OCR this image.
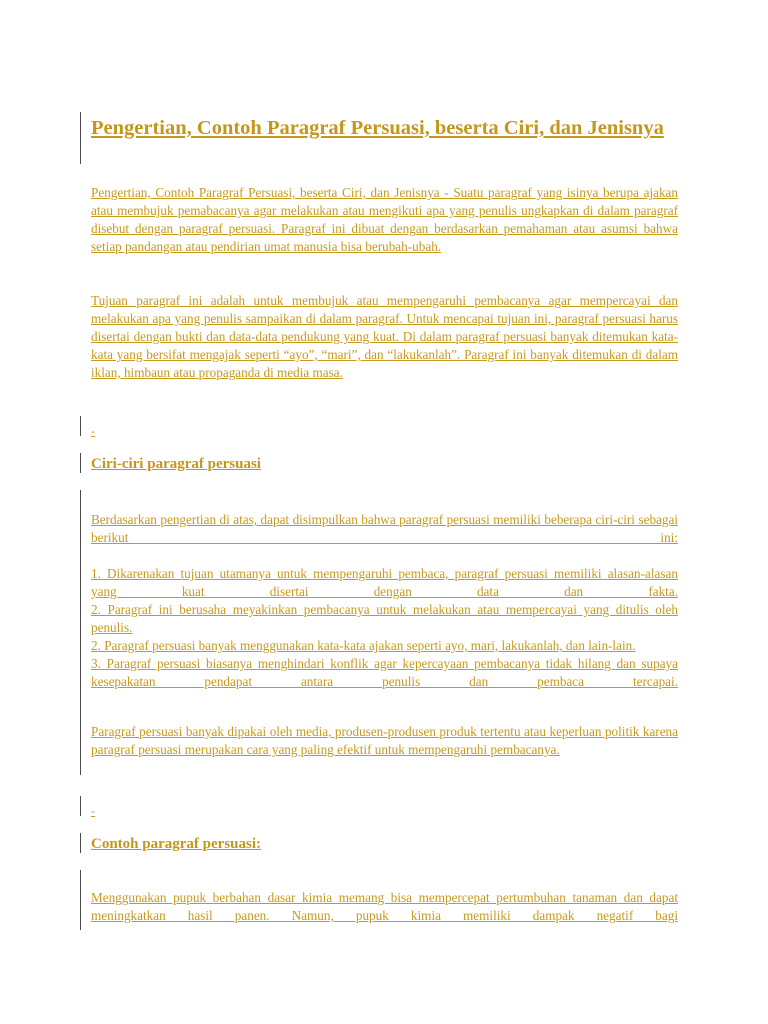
Pengertian, Contoh Paragraf Persuasi, beserta Ciri, dan Jenisnya

Pengertian, Contoh Paragraf Persuasi, beserta Ciri, dan Jenisnya - Suatu paragraf yang isinya berupa ajakan atau membujuk pemabacanya agar melakukan atau mengikuti apa yang penulis ungkapkan di dalam paragraf disebut dengan paragraf persuasi. Paragraf ini dibuat dengan berdasarkan pemahaman atau asumsi bahwa setiap pandangan atau pendirian umat manusia bisa berubah-ubah.

Tujuan paragraf ini adalah untuk membujuk atau mempengaruhi pembacanya agar mempercayai dan melakukan apa yang penulis sampaikan di dalam paragraf. Untuk mencapai tujuan ini, paragraf persuasi harus disertai dengan bukti dan data-data pendukung yang kuat. Di dalam paragraf persuasi banyak ditemukan kata-kata yang bersifat mengajak seperti “ayo”, “mari”, dan “lakukanlah”. Paragraf ini banyak ditemukan di dalam iklan, himbaun atau propaganda di media masa.

-
Ciri-ciri paragraf persuasi

Berdasarkan pengertian di atas, dapat disimpulkan bahwa paragraf persuasi memiliki beberapa ciri-ciri sebagai berikut ini:

1. Dikarenakan tujuan utamanya untuk mempengaruhi pembaca, paragraf persuasi memiliki alasan-alasan yang kuat disertai dengan data dan fakta.

2. Paragraf ini berusaha meyakinkan pembacanya untuk melakukan atau mempercayai yang ditulis oleh penulis.

2. Paragraf persuasi banyak menggunakan kata-kata ajakan seperti ayo, mari, lakukanlah, dan lain-lain.

3. Paragraf persuasi biasanya menghindari konflik agar kepercayaan pembacanya tidak hilang dan supaya kesepakatan pendapat antara penulis dan pembaca tercapai.

Paragraf persuasi banyak dipakai oleh media, produsen-produsen produk tertentu atau keperluan politik karena paragraf persuasi merupakan cara yang paling efektif untuk mempengaruhi pembacanya.

-
Contoh paragraf persuasi:

Menggunakan pupuk berbahan dasar kimia memang bisa mempercepat pertumbuhan tanaman dan dapat meningkatkan hasil panen. Namun, pupuk kimia memiliki dampak negatif bagi
